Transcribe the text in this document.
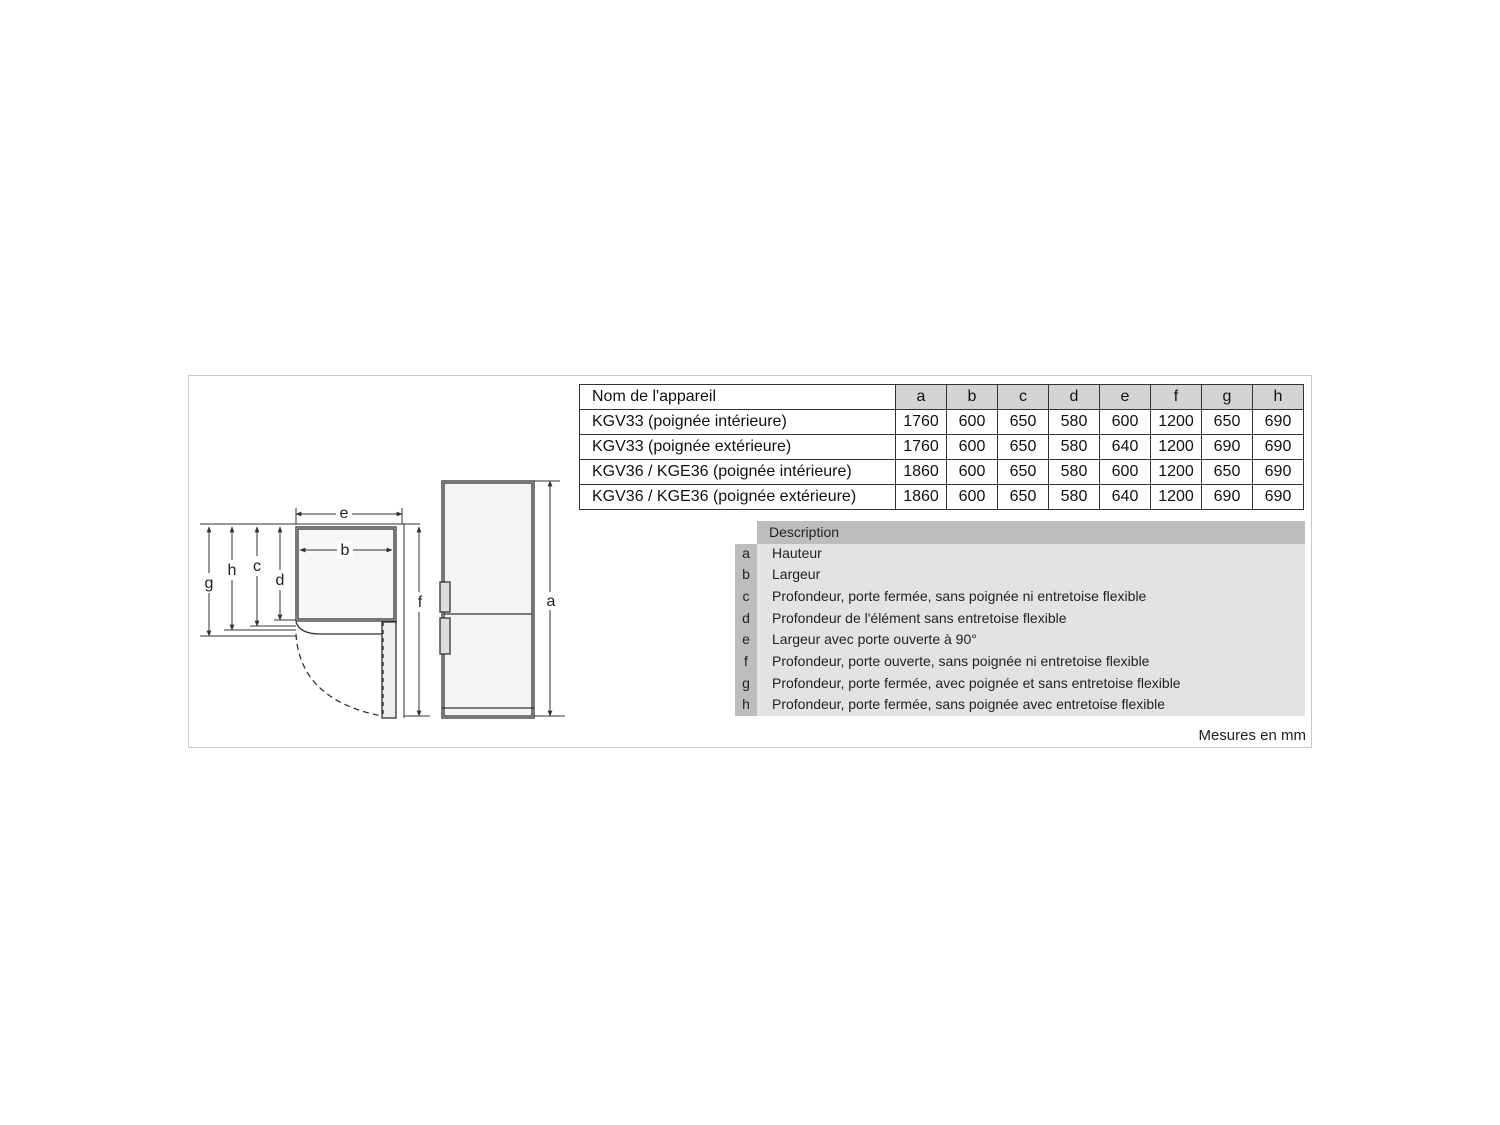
e
b
g
h c
d
f	a
Nom de l'appareil	a	b	c	d	e	f	g	h
KGV33 (poignée intérieure)	1760	600	650	580	600	1200	650	690
KGV33 (poignée extérieure)	1760	600	650	580	640	1200	690	690
KGV36 / KGE36 (poignée intérieure)	1860	600	650	580	600	1200	650	690
KGV36 / KGE36 (poignée extérieure)	1860	600	650	580	640	1200	690	690
Description
a	Hauteur
b	Largeur
c	Profondeur, porte fermée, sans poignée ni entretoise flexible
d	Profondeur de l'élément sans entretoise flexible
e	Largeur avec porte ouverte à 90°
f	Profondeur, porte ouverte, sans poignée ni entretoise flexible
g	Profondeur, porte fermée, avec poignée et sans entretoise flexible
h	Profondeur, porte fermée, sans poignée avec entretoise flexible
Mesures en mm
